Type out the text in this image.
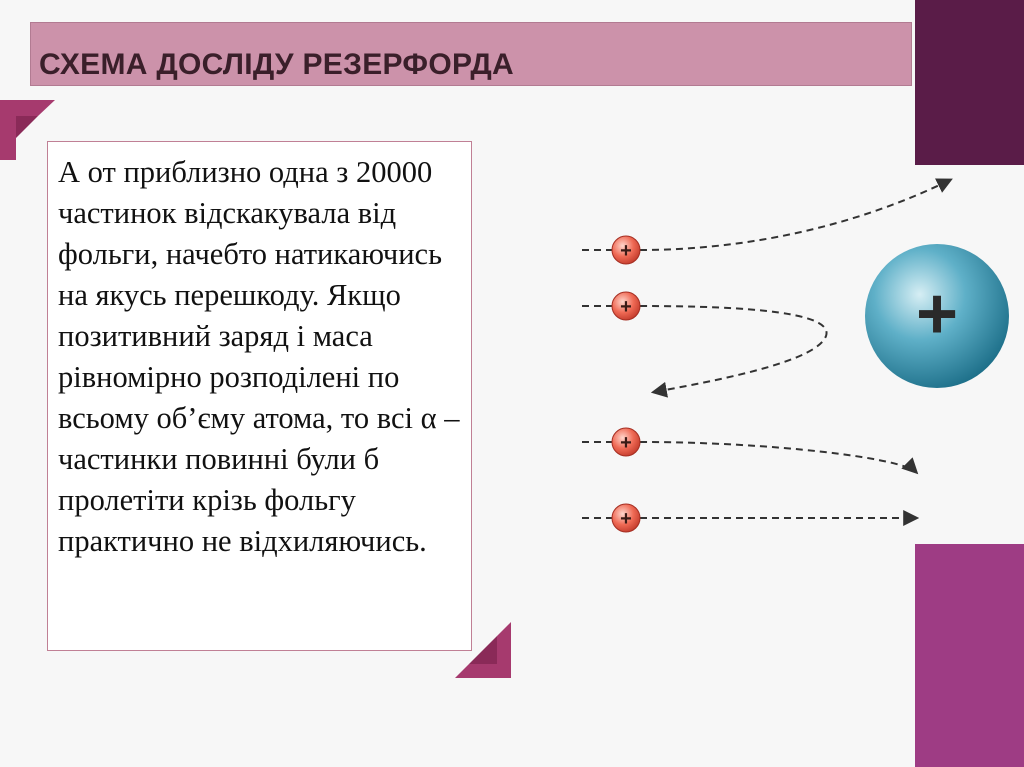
СХЕМА ДОСЛІДУ РЕЗЕРФОРДА

А от приблизно одна з 20000 частинок відскакувала від фольги, начебто натикаючись на якусь перешкоду. Якщо позитивний заряд і маса рівномірно розподілені по всьому об’єму атома, то всі α – частинки повинні були б пролетіти крізь фольгу практично не відхиляючись.

+
+
+
+
+
